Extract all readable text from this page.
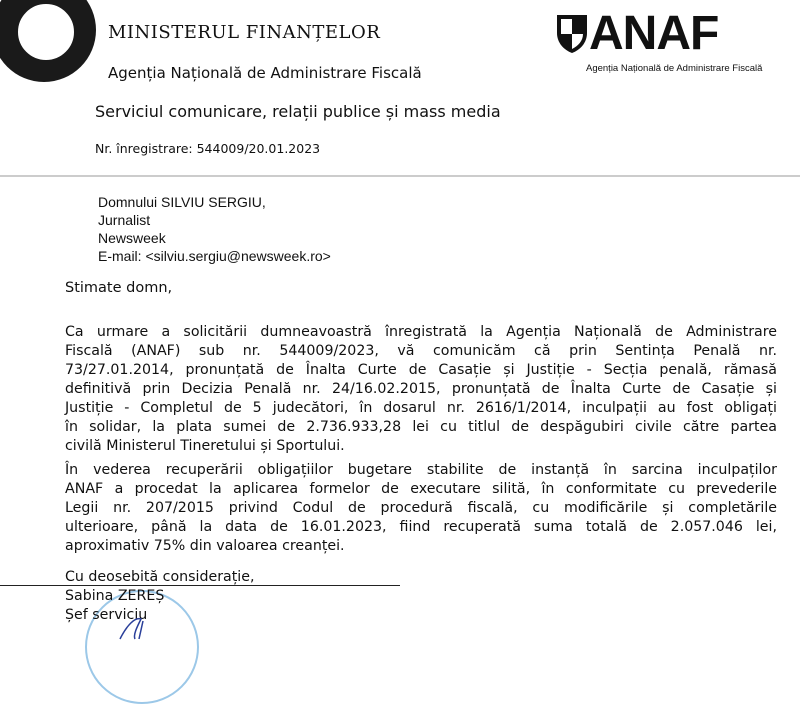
MINISTERUL FINANȚELOR
Agenția Națională de Administrare Fiscală
ANAF
Agenția Națională de Administrare Fiscală
Serviciul comunicare, relații publice și mass media
Nr. înregistrare: 544009/20.01.2023
Domnului SILVIU SERGIU,
Jurnalist
Newsweek
E-mail: <silviu.sergiu@newsweek.ro>
Stimate domn,
Ca urmare a solicitării dumneavoastră înregistrată la Agenția Națională de Administrare
Fiscală (ANAF) sub nr. 544009/2023, vă comunicăm că prin Sentința Penală nr.
73/27.01.2014, pronunțată de Înalta Curte de Casație și Justiție - Secția penală, rămasă
definitivă prin Decizia Penală nr. 24/16.02.2015, pronunțată de Înalta Curte de Casație și
Justiție - Completul de 5 judecători, în dosarul nr. 2616/1/2014, inculpații au fost obligați
în solidar, la plata sumei de 2.736.933,28 lei cu titlul de despăgubiri civile către partea
civilă Ministerul Tineretului și Sportului.
În vederea recuperării obligațiilor bugetare stabilite de instanță în sarcina inculpaților
ANAF a procedat la aplicarea formelor de executare silită, în conformitate cu prevederile
Legii nr. 207/2015 privind Codul de procedură fiscală, cu modificările și completările
ulterioare, până la data de 16.01.2023, fiind recuperată suma totală de 2.057.046 lei,
aproximativ 75% din valoarea creanței.
Cu deosebită considerație,
Sabina ZEREȘ
Șef serviciu
